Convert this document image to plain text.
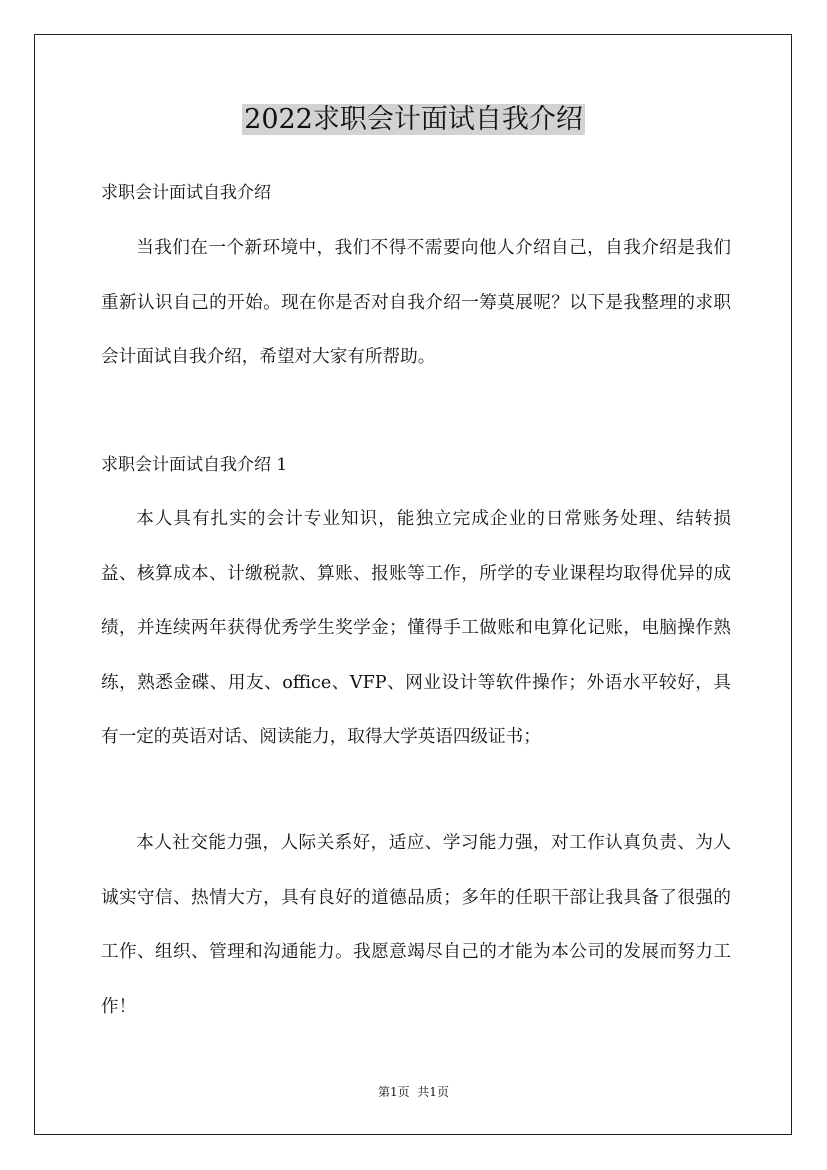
2022求职会计面试自我介绍
求职会计面试自我介绍

当我们在一个新环境中，我们不得不需要向他人介绍自己，自我介绍是我们重新认识自己的开始。现在你是否对自我介绍一筹莫展呢？以下是我整理的求职会计面试自我介绍，希望对大家有所帮助。

求职会计面试自我介绍 1

本人具有扎实的会计专业知识，能独立完成企业的日常账务处理、结转损益、核算成本、计缴税款、算账、报账等工作，所学的专业课程均取得优异的成绩，并连续两年获得优秀学生奖学金；懂得手工做账和电算化记账，电脑操作熟练，熟悉金碟、用友、office、VFP、网业设计等软件操作；外语水平较好，具有一定的英语对话、阅读能力，取得大学英语四级证书；

本人社交能力强，人际关系好，适应、学习能力强，对工作认真负责、为人诚实守信、热情大方，具有良好的道德品质；多年的任职干部让我具备了很强的工作、组织、管理和沟通能力。我愿意竭尽自己的才能为本公司的发展而努力工作！

第1页  共1页
